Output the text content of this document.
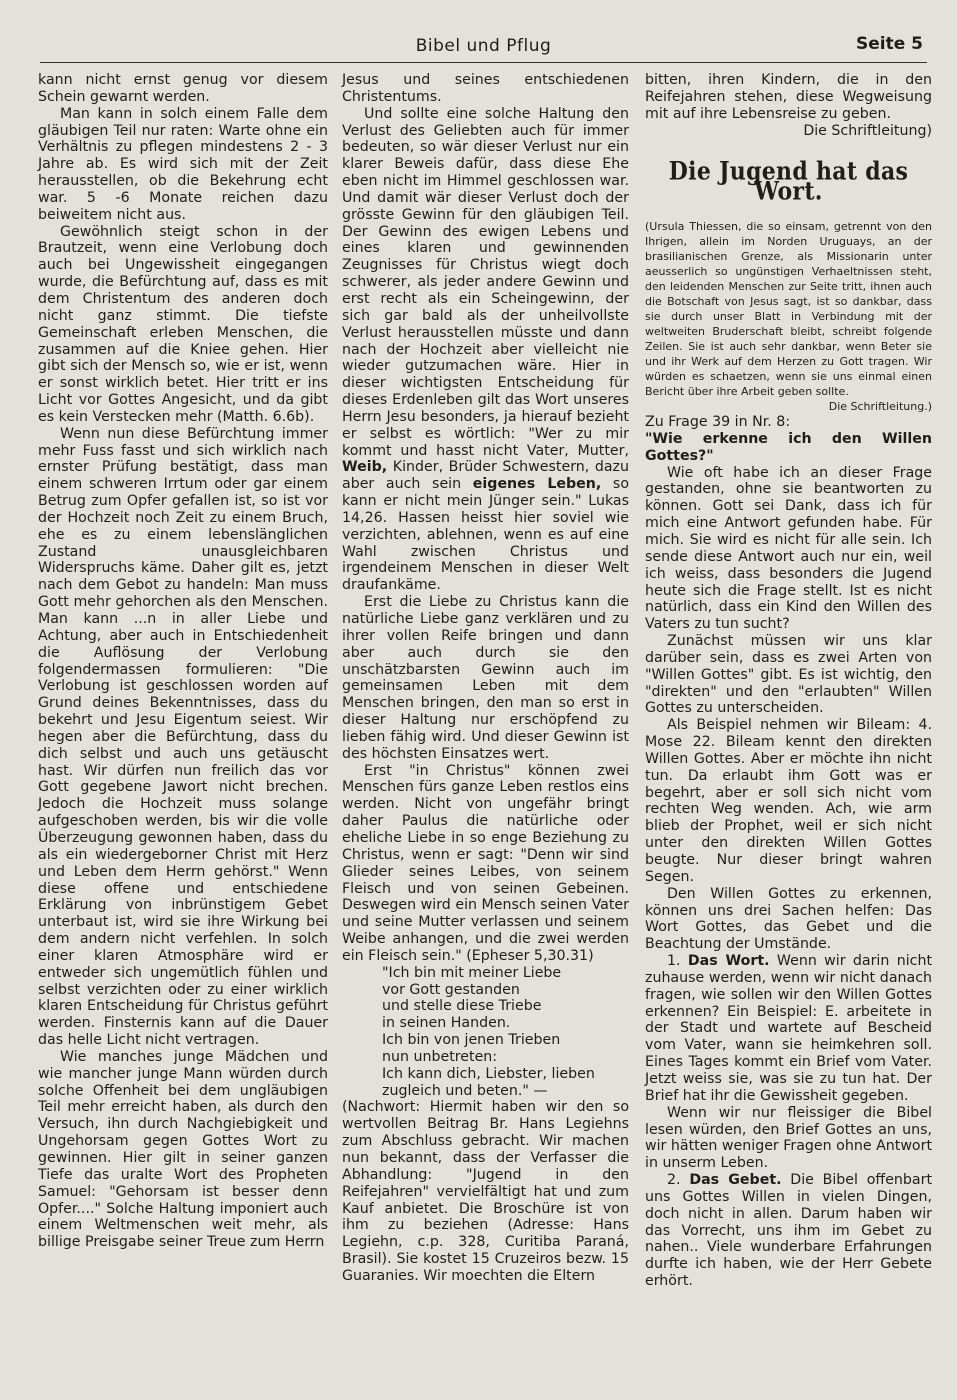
Bibel und Pflug	Seite 5

kann nicht ernst genug vor diesem Schein gewarnt werden.

Man kann in solch einem Falle dem gläubigen Teil nur raten: Warte ohne ein Verhältnis zu pflegen mindestens 2 - 3 Jahre ab. Es wird sich mit der Zeit herausstellen, ob die Bekehrung echt war. 5 -6 Monate reichen dazu beiweitem nicht aus.

Gewöhnlich steigt schon in der Brautzeit, wenn eine Verlobung doch auch bei Ungewissheit eingegangen wurde, die Befürchtung auf, dass es mit dem Christentum des anderen doch nicht ganz stimmt. Die tiefste Gemeinschaft erleben Menschen, die zusammen auf die Kniee gehen. Hier gibt sich der Mensch so, wie er ist, wenn er sonst wirklich betet. Hier tritt er ins Licht vor Gottes Angesicht, und da gibt es kein Verstecken mehr (Matth. 6.6b).

Wenn nun diese Befürchtung immer mehr Fuss fasst und sich wirklich nach ernster Prüfung bestätigt, dass man einem schweren Irrtum oder gar einem Betrug zum Opfer gefallen ist, so ist vor der Hochzeit noch Zeit zu einem Bruch, ehe es zu einem lebenslänglichen Zustand unausgleichbaren Widerspruchs käme. Daher gilt es, jetzt nach dem Gebot zu handeln: Man muss Gott mehr gehorchen als den Menschen. Man kann ...n in aller Liebe und Achtung, aber auch in Entschiedenheit die Auflösung der Verlobung folgendermassen formulieren: "Die Verlobung ist geschlossen worden auf Grund deines Bekenntnisses, dass du bekehrt und Jesu Eigentum seiest. Wir hegen aber die Befürchtung, dass du dich selbst und auch uns getäuscht hast. Wir dürfen nun freilich das vor Gott gegebene Jawort nicht brechen. Jedoch die Hochzeit muss solange aufgeschoben werden, bis wir die volle Überzeugung gewonnen haben, dass du als ein wiedergeborner Christ mit Herz und Leben dem Herrn gehörst." Wenn diese offene und entschiedene Erklärung von inbrünstigem Gebet unterbaut ist, wird sie ihre Wirkung bei dem andern nicht verfehlen. In solch einer klaren Atmosphäre wird er entweder sich ungemütlich fühlen und selbst verzichten oder zu einer wirklich klaren Entscheidung für Christus geführt werden. Finsternis kann auf die Dauer das helle Licht nicht vertragen.

Wie manches junge Mädchen und wie mancher junge Mann würden durch solche Offenheit bei dem ungläubigen Teil mehr erreicht haben, als durch den Versuch, ihn durch Nachgiebigkeit und Ungehorsam gegen Gottes Wort zu gewinnen. Hier gilt in seiner ganzen Tiefe das uralte Wort des Propheten Samuel: "Gehorsam ist besser denn Opfer...." Solche Haltung imponiert auch einem Weltmenschen weit mehr, als billige Preisgabe seiner Treue zum Herrn

Jesus und seines entschiedenen Christentums.

Und sollte eine solche Haltung den Verlust des Geliebten auch für immer bedeuten, so wär dieser Verlust nur ein klarer Beweis dafür, dass diese Ehe eben nicht im Himmel geschlossen war. Und damit wär dieser Verlust doch der grösste Gewinn für den gläubigen Teil. Der Gewinn des ewigen Lebens und eines klaren und gewinnenden Zeugnisses für Christus wiegt doch schwerer, als jeder andere Gewinn und erst recht als ein Scheingewinn, der sich gar bald als der unheilvollste Verlust herausstellen müsste und dann nach der Hochzeit aber vielleicht nie wieder gutzumachen wäre. Hier in dieser wichtigsten Entscheidung für dieses Erdenleben gilt das Wort unseres Herrn Jesu besonders, ja hierauf bezieht er selbst es wörtlich: "Wer zu mir kommt und hasst nicht Vater, Mutter, Weib, Kinder, Brüder Schwestern, dazu aber auch sein eigenes Leben, so kann er nicht mein Jünger sein." Lukas 14,26. Hassen heisst hier soviel wie verzichten, ablehnen, wenn es auf eine Wahl zwischen Christus und irgendeinem Menschen in dieser Welt draufankäme.

Erst die Liebe zu Christus kann die natürliche Liebe ganz verklären und zu ihrer vollen Reife bringen und dann aber auch durch sie den unschätzbarsten Gewinn auch im gemeinsamen Leben mit dem Menschen bringen, den man so erst in dieser Haltung nur erschöpfend zu lieben fähig wird. Und dieser Gewinn ist des höchsten Einsatzes wert.

Erst "in Christus" können zwei Menschen fürs ganze Leben restlos eins werden. Nicht von ungefähr bringt daher Paulus die natürliche oder eheliche Liebe in so enge Beziehung zu Christus, wenn er sagt: "Denn wir sind Glieder seines Leibes, von seinem Fleisch und von seinen Gebeinen. Deswegen wird ein Mensch seinen Vater und seine Mutter verlassen und seinem Weibe anhangen, und die zwei werden ein Fleisch sein." (Epheser 5,30.31)

"Ich bin mit meiner Liebe
vor Gott gestanden
und stelle diese Triebe
in seinen Handen.
Ich bin von jenen Trieben
nun unbetreten:
Ich kann dich, Liebster, lieben
zugleich und beten." —

(Nachwort: Hiermit haben wir den so wertvollen Beitrag Br. Hans Legiehns zum Abschluss gebracht. Wir machen nun bekannt, dass der Verfasser die Abhandlung: "Jugend in den Reifejahren" vervielfältigt hat und zum Kauf anbietet. Die Broschüre ist von ihm zu beziehen (Adresse: Hans Legiehn, c.p. 328, Curitiba Paraná, Brasil). Sie kostet 15 Cruzeiros bezw. 15 Guaranies. Wir moechten die Eltern

bitten, ihren Kindern, die in den Reifejahren stehen, diese Wegweisung mit auf ihre Lebensreise zu geben.

Die Schriftleitung)

Die Jugend hat das Wort.

(Ursula Thiessen, die so einsam, getrennt von den Ihrigen, allein im Norden Uruguays, an der brasilianischen Grenze, als Missionarin unter aeusserlich so ungünstigen Verhaeltnissen steht, den leidenden Menschen zur Seite tritt, ihnen auch die Botschaft von Jesus sagt, ist so dankbar, dass sie durch unser Blatt in Verbindung mit der weltweiten Bruderschaft bleibt, schreibt folgende Zeilen. Sie ist auch sehr dankbar, wenn Beter sie und ihr Werk auf dem Herzen zu Gott tragen. Wir würden es schaetzen, wenn sie uns einmal einen Bericht über ihre Arbeit geben sollte.

Die Schriftleitung.)

Zu Frage 39 in Nr. 8:

"Wie erkenne ich den Willen Gottes?"

Wie oft habe ich an dieser Frage gestanden, ohne sie beantworten zu können. Gott sei Dank, dass ich für mich eine Antwort gefunden habe. Für mich. Sie wird es nicht für alle sein. Ich sende diese Antwort auch nur ein, weil ich weiss, dass besonders die Jugend heute sich die Frage stellt. Ist es nicht natürlich, dass ein Kind den Willen des Vaters zu tun sucht?

Zunächst müssen wir uns klar darüber sein, dass es zwei Arten von "Willen Gottes" gibt. Es ist wichtig, den "direkten" und den "erlaubten" Willen Gottes zu unterscheiden.

Als Beispiel nehmen wir Bileam: 4. Mose 22. Bileam kennt den direkten Willen Gottes. Aber er möchte ihn nicht tun. Da erlaubt ihm Gott was er begehrt, aber er soll sich nicht vom rechten Weg wenden. Ach, wie arm blieb der Prophet, weil er sich nicht unter den direkten Willen Gottes beugte. Nur dieser bringt wahren Segen.

Den Willen Gottes zu erkennen, können uns drei Sachen helfen: Das Wort Gottes, das Gebet und die Beachtung der Umstände.

1. Das Wort. Wenn wir darin nicht zuhause werden, wenn wir nicht danach fragen, wie sollen wir den Willen Gottes erkennen? Ein Beispiel: E. arbeitete in der Stadt und wartete auf Bescheid vom Vater, wann sie heimkehren soll. Eines Tages kommt ein Brief vom Vater. Jetzt weiss sie, was sie zu tun hat. Der Brief hat ihr die Gewissheit gegeben.

Wenn wir nur fleissiger die Bibel lesen würden, den Brief Gottes an uns, wir hätten weniger Fragen ohne Antwort in unserm Leben.

2. Das Gebet. Die Bibel offenbart uns Gottes Willen in vielen Dingen, doch nicht in allen. Darum haben wir das Vorrecht, uns ihm im Gebet zu nahen.. Viele wunderbare Erfahrungen durfte ich haben, wie der Herr Gebete erhört.
